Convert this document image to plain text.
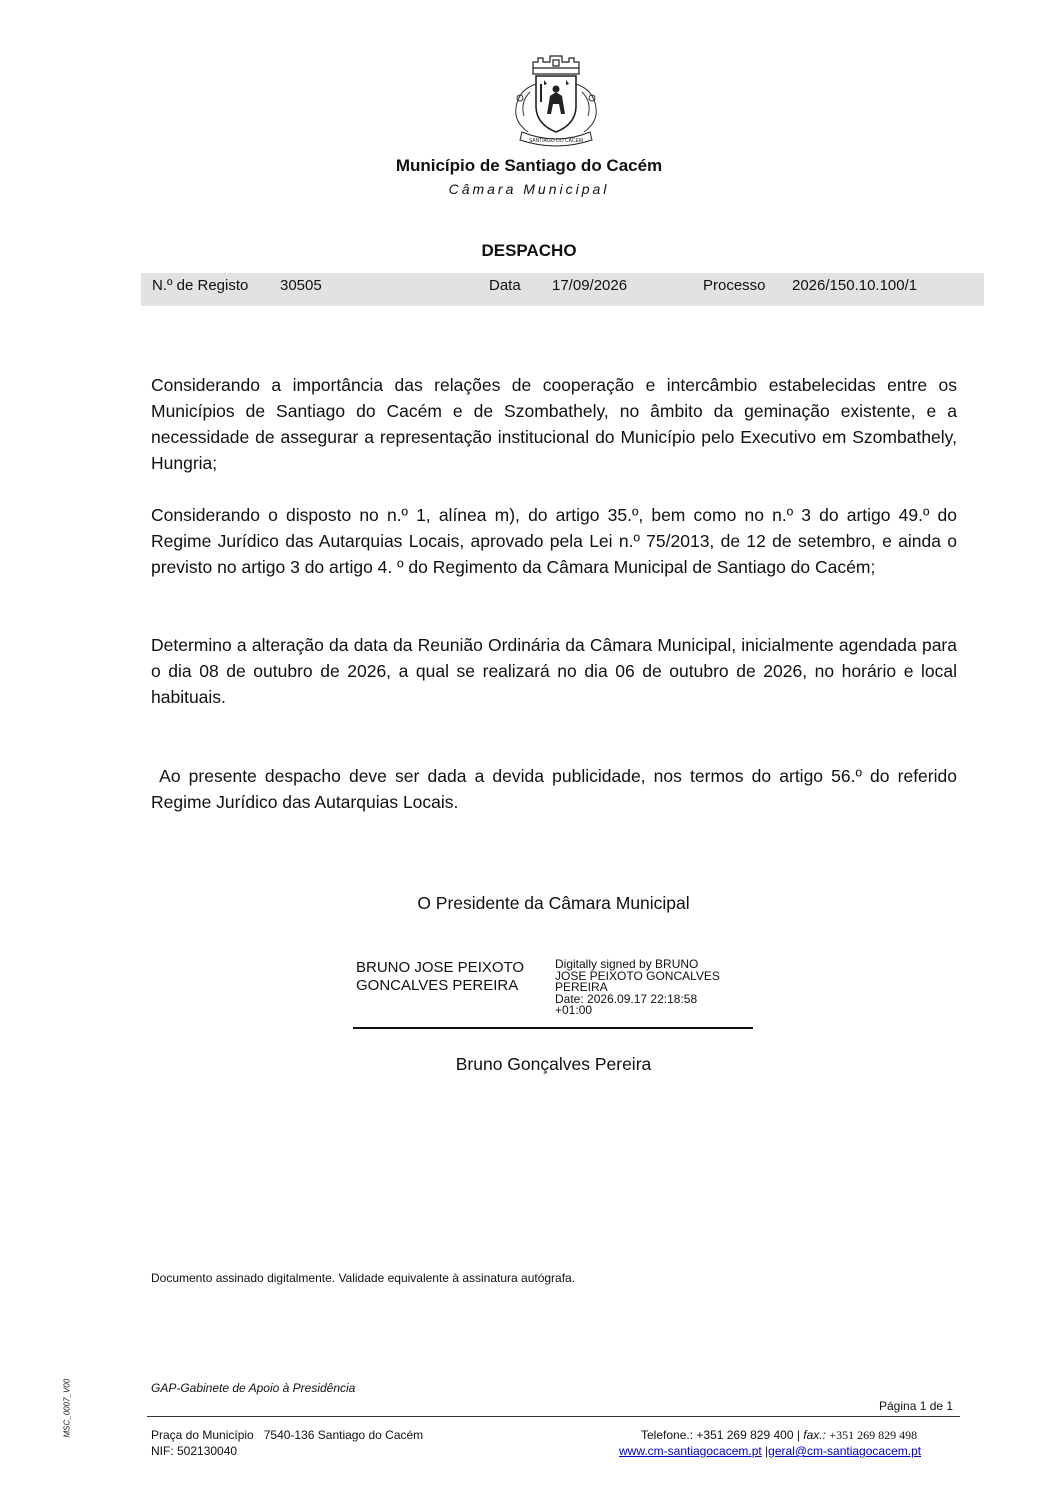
SANTIAGO DO CACEM
Município de Santiago do Cacém
Câmara Municipal
DESPACHO
N.º de Registo 30505	Data 17/09/2026	Processo 2026/150.10.100/1

Considerando a importância das relações de cooperação e intercâmbio estabelecidas entre os Municípios de Santiago do Cacém e de Szombathely, no âmbito da geminação existente, e a necessidade de assegurar a representação institucional do Município pelo Executivo em Szombathely, Hungria;

Considerando o disposto no n.º 1, alínea m), do artigo 35.º, bem como no n.º 3 do artigo 49.º do Regime Jurídico das Autarquias Locais, aprovado pela Lei n.º 75/2013, de 12 de setembro, e ainda o previsto no artigo 3 do artigo 4. º do Regimento da Câmara Municipal de Santiago do Cacém;

Determino a alteração da data da Reunião Ordinária da Câmara Municipal, inicialmente agendada para o dia 08 de outubro de 2026, a qual se realizará no dia 06 de outubro de 2026, no horário e local habituais.

Ao presente despacho deve ser dada a devida publicidade, nos termos do artigo 56.º do referido Regime Jurídico das Autarquias Locais.

O Presidente da Câmara Municipal
BRUNO JOSE PEIXOTO
GONCALVES PEREIRA
Digitally signed by BRUNO
JOSE PEIXOTO GONCALVES
PEREIRA
Date: 2026.09.17 22:18:58
+01:00
Bruno Gonçalves Pereira
Documento assinado digitalmente. Validade equivalente à assinatura autógrafa.
MSC_0007_V00	GAP-Gabinete de Apoio à Presidência
Página 1 de 1
Praça do Município   7540-136 Santiago do Cacém
NIF: 502130040
Telefone.: +351 269 829 400 | fax.: +351 269 829 498
www.cm-santiagocacem.pt |geral@cm-santiagocacem.pt
